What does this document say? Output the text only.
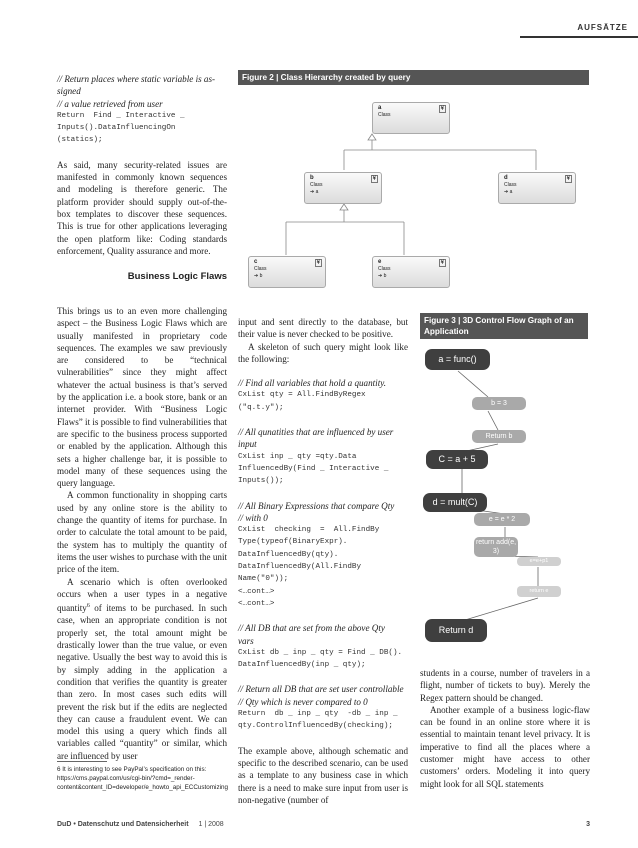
AUFSÄTZE

// Return places where static variable is as-

signed

// a value retrieved from user

Return  Find _ Interactive _
Inputs().DataInfluencingOn
(statics);

As said, many security-related issues are manifested in commonly known sequences and modeling is therefore generic. The platform provider should supply out-of-the-box templates to discover these sequences. This is true for other applications leveraging the open platform like: Coding standards enforcement, Quality assurance and more.

Business Logic Flaws

This brings us to an even more challenging aspect – the Business Logic Flaws which are usually manifested in proprietary code sequences. The examples we saw previously are considered to be “technical vulnerabilities” since they might affect whatever the actual business is that’s served by the application i.e. a book store, bank or an internet provider. With “Business Logic Flaws” it is possible to find vulnerabilities that are specific to the business process supported or enabled by the application. Although this sets a higher challenge bar, it is possible to model many of these sequences using the query language.

A common functionality in shopping carts used by any online store is the ability to change the quantity of items for purchase. In order to calculate the total amount to be paid, the system has to multiply the quantity of items the user wishes to purchase with the unit price of the item.

A scenario which is often overlooked occurs when a user types in a negative quantity$^6$ of items to be purchased. In such case, when an appropriate condition is not properly set, the total amount might be drastically lower than the true value, or even negative. Usually the best way to avoid this is by simply adding in the application a condition that verifies the quantity is greater than zero. In most cases such edits will prevent the risk but if the edits are neglected they can cause a fraudulent event. We can model this using a query which finds all variables called “quantity” or similar, which are influenced by user

6 It is interesting to see PayPal’s specification on this: https://cms.paypal.com/us/cgi-bin/?cmd=_render-content&content_ID=developer/e_howto_api_ECCustomizing
Figure 2 | Class Hierarchy created by query
a
Class
¥
b
Class
➔ a
¥	d
Class
➔ a
¥
c
Class
➔ b
¥	e
Class
➔ b
¥

input and sent directly to the database, but their value is never checked to be positive.

A skeleton of such query might look like the following:

// Find all variables that hold a quantity.

CxList qty = All.FindByRegex
("q.t.y");

// All qunatities that are influenced by user

input

CxList inp _ qty =qty.Data
InfluencedBy(Find _ Interactive _
Inputs());

// All Binary Expressions that compare Qty

// with 0

CxList  checking  =  All.FindBy
Type(typeof(BinaryExpr).
DataInfluencedBy(qty).
DataInfluencedBy(All.FindBy
Name("0"));
<…cont…>
<…cont…>

// All DB that are set from the above Qty

vars

CxList db _ inp _ qty = Find _ DB().
DataInfluencedBy(inp _ qty);

// Return all DB that are set user controllable

// Qty which is never compared to 0

Return  db _ inp _ qty  -db _ inp _
qty.ControlInfluencedBy(checking);

The example above, although schematic and specific to the described scenario, can be used as a template to any business case in which there is a need to make sure input from user is non-negative (number of

Figure 3 | 3D Control Flow Graph of an Application
a = func()
b = 3
Return b
C = a + 5
d = mult(C)
e = e * 2
return add(e, 3)
e=e+p1
return e
Return d

students in a course, number of travelers in a flight, number of tickets to buy). Merely the Regex pattern should be changed.

Another example of a business logic-flaw can be found in an online store where it is essential to maintain tenant level privacy. It is imperative to find all the places where a customer might have access to other customers’ orders. Modeling it into query might look for all SQL statements

DuD • Datenschutz und Datensicherheit 1 | 2008	3
